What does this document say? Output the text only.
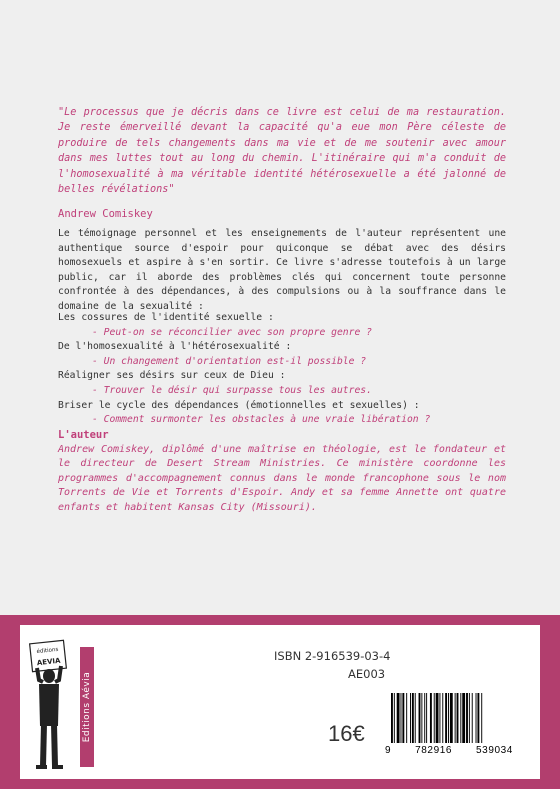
"Le processus que je décris dans ce livre est celui de ma restauration. Je reste émerveillé devant la capacité qu'a eue mon Père céleste de produire de tels changements dans ma vie et de me soutenir avec amour dans mes luttes tout au long du chemin. L'itinéraire qui m'a conduit de l'homosexualité à ma véritable identité hétérosexuelle a été jalonné de belles révélations"
Andrew Comiskey
Le témoignage personnel et les enseignements de l'auteur représentent une authentique source d'espoir pour quiconque se débat avec des désirs homosexuels et aspire à s'en sortir. Ce livre s'adresse toutefois à un large public, car il aborde des problèmes clés qui concernent toute personne confrontée à des dépendances, à des compulsions ou à la souffrance dans le domaine de la sexualité :
Les cossures de l'identité sexuelle :
- Peut-on se réconcilier avec son propre genre ?
De l'homosexualité à l'hétérosexualité :
- Un changement d'orientation est-il possible ?
Réaligner ses désirs sur ceux de Dieu :
- Trouver le désir qui surpasse tous les autres.
Briser le cycle des dépendances (émotionnelles et sexuelles) :
- Comment surmonter les obstacles à une vraie libération ?
L'auteur
Andrew Comiskey, diplômé d'une maîtrise en théologie, est le fondateur et le directeur de Desert Stream Ministries. Ce ministère coordonne les programmes d'accompagnement connus dans le monde francophone sous le nom Torrents de Vie et Torrents d'Espoir. Andy et sa femme Annette ont quatre enfants et habitent Kansas City (Missouri).
éditions
AEVIA
Editions Aévia
ISBN 2-916539-03-4
AE003
16€
9 782916 539034
